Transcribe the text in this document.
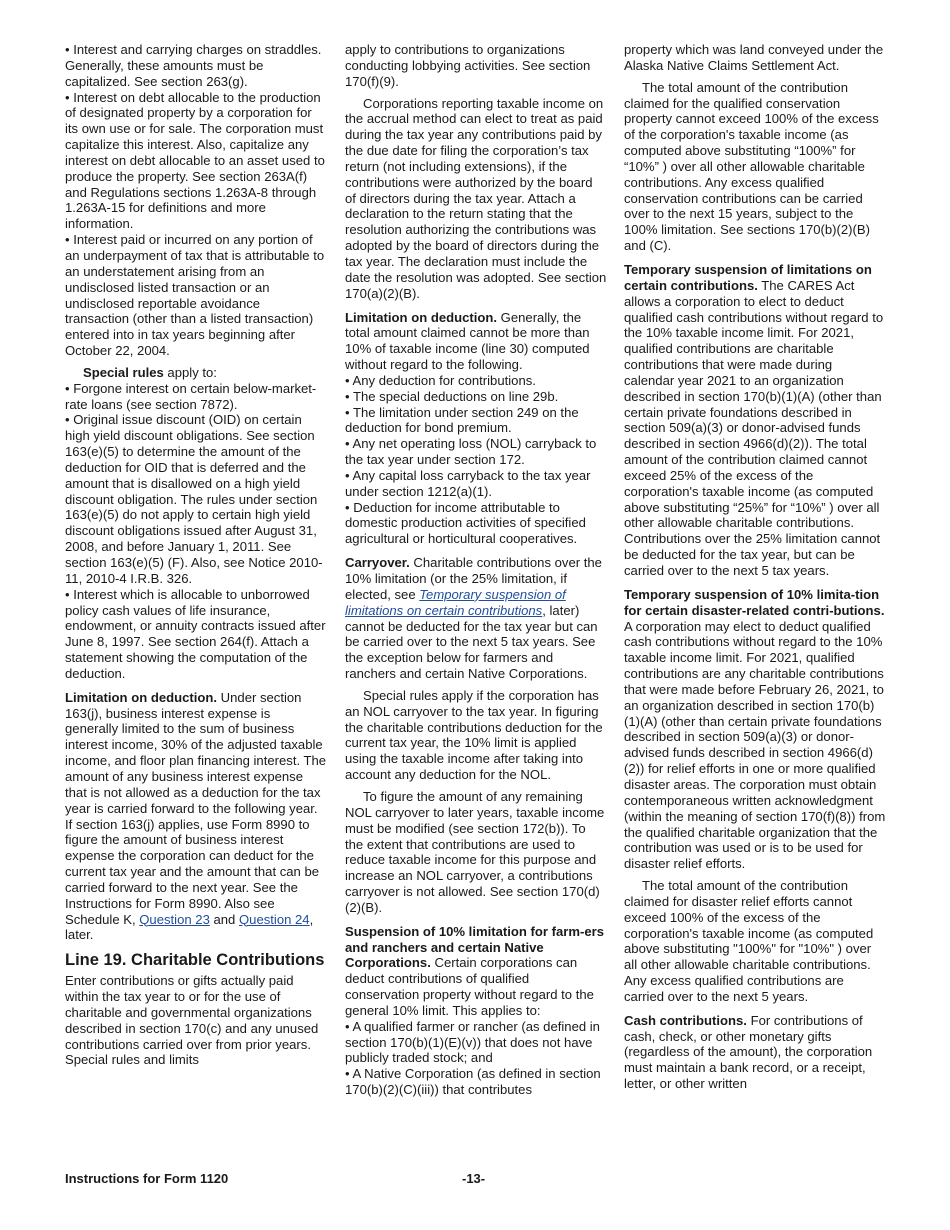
• Interest and carrying charges on straddles. Generally, these amounts must be capitalized. See section 263(g).

• Interest on debt allocable to the production of designated property by a corporation for its own use or for sale. The corporation must capitalize this interest. Also, capitalize any interest on debt allocable to an asset used to produce the property. See section 263A(f) and Regulations sections 1.263A-8 through 1.263A-15 for definitions and more information.

• Interest paid or incurred on any portion of an underpayment of tax that is attributable to an understatement arising from an undisclosed listed transaction or an undisclosed reportable avoidance transaction (other than a listed transaction) entered into in tax years beginning after October 22, 2004.

Special rules apply to:

• Forgone interest on certain below-market-rate loans (see section 7872).

• Original issue discount (OID) on certain high yield discount obligations. See section 163(e)(5) to determine the amount of the deduction for OID that is deferred and the amount that is disallowed on a high yield discount obligation. The rules under section 163(e)(5) do not apply to certain high yield discount obligations issued after August 31, 2008, and before January 1, 2011. See section 163(e)(5) (F). Also, see Notice 2010-11, 2010-4 I.R.B. 326.

• Interest which is allocable to unborrowed policy cash values of life insurance, endowment, or annuity contracts issued after June 8, 1997. See section 264(f). Attach a statement showing the computation of the deduction.

Limitation on deduction. Under section 163(j), business interest expense is generally limited to the sum of business interest income, 30% of the adjusted taxable income, and floor plan financing interest. The amount of any business interest expense that is not allowed as a deduction for the tax year is carried forward to the following year. If section 163(j) applies, use Form 8990 to figure the amount of business interest expense the corporation can deduct for the current tax year and the amount that can be carried forward to the next year. See the Instructions for Form 8990. Also see Schedule K, Question 23 and Question 24, later.

Line 19. Charitable Contributions

Enter contributions or gifts actually paid within the tax year to or for the use of charitable and governmental organizations described in section 170(c) and any unused contributions carried over from prior years. Special rules and limits

apply to contributions to organizations conducting lobbying activities. See section 170(f)(9).

Corporations reporting taxable income on the accrual method can elect to treat as paid during the tax year any contributions paid by the due date for filing the corporation’s tax return (not including extensions), if the contributions were authorized by the board of directors during the tax year. Attach a declaration to the return stating that the resolution authorizing the contributions was adopted by the board of directors during the tax year. The declaration must include the date the resolution was adopted. See section 170(a)(2)(B).

Limitation on deduction. Generally, the total amount claimed cannot be more than 10% of taxable income (line 30) computed without regard to the following.

• Any deduction for contributions.

• The special deductions on line 29b.

• The limitation under section 249 on the deduction for bond premium.

• Any net operating loss (NOL) carryback to the tax year under section 172.

• Any capital loss carryback to the tax year under section 1212(a)(1).

• Deduction for income attributable to domestic production activities of specified agricultural or horticultural cooperatives.

Carryover. Charitable contributions over the 10% limitation (or the 25% limitation, if elected, see Temporary suspension of limitations on certain contributions, later) cannot be deducted for the tax year but can be carried over to the next 5 tax years. See the exception below for farmers and ranchers and certain Native Corporations.

Special rules apply if the corporation has an NOL carryover to the tax year. In figuring the charitable contributions deduction for the current tax year, the 10% limit is applied using the taxable income after taking into account any deduction for the NOL.

To figure the amount of any remaining NOL carryover to later years, taxable income must be modified (see section 172(b)). To the extent that contributions are used to reduce taxable income for this purpose and increase an NOL carryover, a contributions carryover is not allowed. See section 170(d)(2)(B).

Suspension of 10% limitation for farm-ers and ranchers and certain Native Corporations. Certain corporations can deduct contributions of qualified conservation property without regard to the general 10% limit. This applies to:

• A qualified farmer or rancher (as defined in section 170(b)(1)(E)(v)) that does not have publicly traded stock; and

• A Native Corporation (as defined in section 170(b)(2)(C)(iii)) that contributes

property which was land conveyed under the Alaska Native Claims Settlement Act.

The total amount of the contribution claimed for the qualified conservation property cannot exceed 100% of the excess of the corporation's taxable income (as computed above substituting “100%” for “10%” ) over all other allowable charitable contributions. Any excess qualified conservation contributions can be carried over to the next 15 years, subject to the 100% limitation. See sections 170(b)(2)(B) and (C).

Temporary suspension of limitations on certain contributions. The CARES Act allows a corporation to elect to deduct qualified cash contributions without regard to the 10% taxable income limit. For 2021, qualified contributions are charitable contributions that were made during calendar year 2021 to an organization described in section 170(b)(1)(A) (other than certain private foundations described in section 509(a)(3) or donor-advised funds described in section 4966(d)(2)). The total amount of the contribution claimed cannot exceed 25% of the excess of the corporation's taxable income (as computed above substituting “25%” for “10%” ) over all other allowable charitable contributions. Contributions over the 25% limitation cannot be deducted for the tax year, but can be carried over to the next 5 tax years.

Temporary suspension of 10% limita-tion for certain disaster-related contri-butions. A corporation may elect to deduct qualified cash contributions without regard to the 10% taxable income limit. For 2021, qualified contributions are any charitable contributions that were made before February 26, 2021, to an organization described in section 170(b)(1)(A) (other than certain private foundations described in section 509(a)(3) or donor-advised funds described in section 4966(d)(2)) for relief efforts in one or more qualified disaster areas. The corporation must obtain contemporaneous written acknowledgment (within the meaning of section 170(f)(8)) from the qualified charitable organization that the contribution was used or is to be used for disaster relief efforts.

The total amount of the contribution claimed for disaster relief efforts cannot exceed 100% of the excess of the corporation's taxable income (as computed above substituting "100%" for "10%" ) over all other allowable charitable contributions. Any excess qualified contributions are carried over to the next 5 years.

Cash contributions. For contributions of cash, check, or other monetary gifts (regardless of the amount), the corporation must maintain a bank record, or a receipt, letter, or other written

Instructions for Form 1120	-13-
